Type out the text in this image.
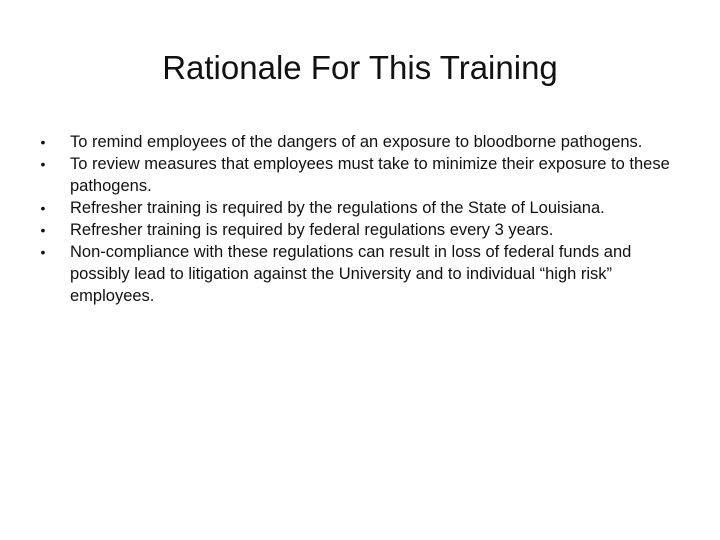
Rationale For This Training
• To remind employees of the dangers of an exposure to bloodborne pathogens.
• To review measures that employees must take to minimize their exposure to these pathogens.
• Refresher training is required by the regulations of the State of Louisiana.
• Refresher training is required by federal regulations every 3 years.
• Non-compliance with these regulations can result in loss of federal funds and possibly lead to litigation against the University and to individual “high risk” employees.
